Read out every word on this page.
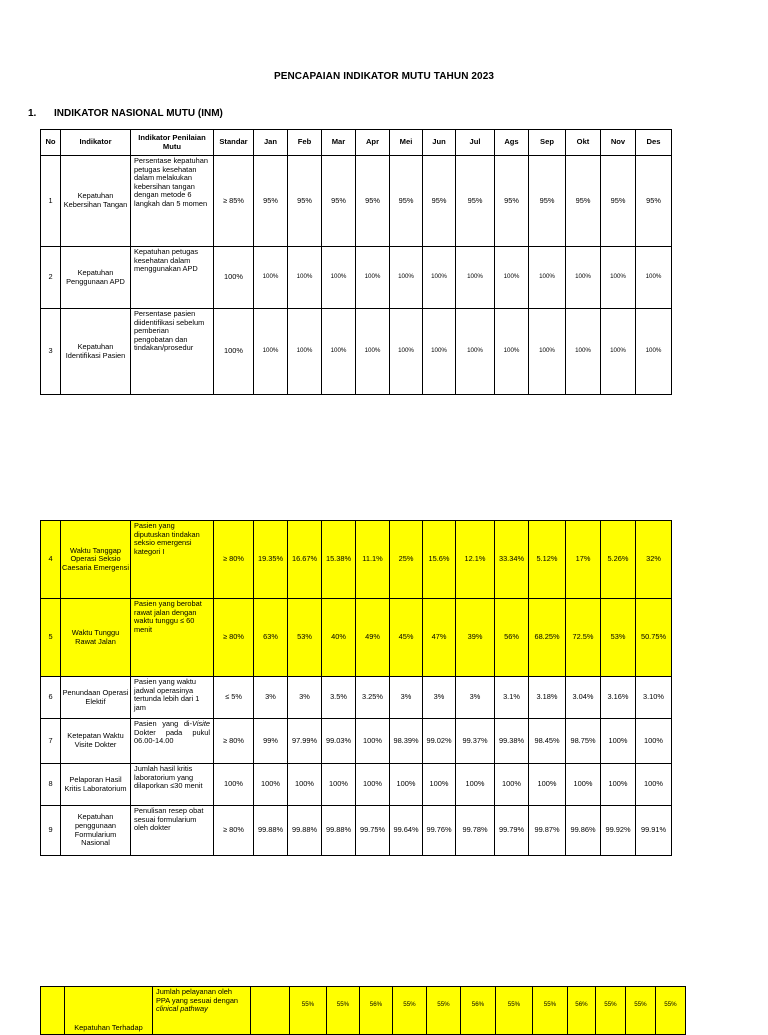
PENCAPAIAN INDIKATOR MUTU TAHUN 2023
1. INDIKATOR NASIONAL MUTU (INM)
No	Indikator	Indikator Penilaian Mutu	Standar	Jan	Feb	Mar	Apr	Mei	Jun	Jul	Ags	Sep	Okt	Nov	Des
1	Kepatuhan Kebersihan Tangan	Persentase kepatuhan petugas kesehatan dalam melakukan kebersihan tangan dengan metode 6 langkah dan 5 momen	≥ 85%	95%	95%	95%	95%	95%	95%	95%	95%	95%	95%	95%	95%
2	Kepatuhan Penggunaan APD	Kepatuhan petugas kesehatan dalam menggunakan APD	100%	100%	100%	100%	100%	100%	100%	100%	100%	100%	100%	100%	100%
3	Kepatuhan Identifikasi Pasien	Persentase pasien diidentifikasi sebelum pemberian pengobatan dan tindakan/prosedur	100%	100%	100%	100%	100%	100%	100%	100%	100%	100%	100%	100%	100%
4	Waktu Tanggap Operasi Seksio Caesaria Emergensi	Pasien yang diputuskan tindakan seksio emergensi kategori I	≥ 80%	19.35%	16.67%	15.38%	11.1%	25%	15.6%	12.1%	33.34%	5.12%	17%	5.26%	32%
5	Waktu Tunggu Rawat Jalan	Pasien yang berobat rawat jalan dengan waktu tunggu ≤ 60 menit	≥ 80%	63%	53%	40%	49%	45%	47%	39%	56%	68.25%	72.5%	53%	50.75%
6	Penundaan Operasi Elektif	Pasien yang waktu jadwal operasinya tertunda lebih dari 1 jam	≤ 5%	3%	3%	3.5%	3.25%	3%	3%	3%	3.1%	3.18%	3.04%	3.16%	3.10%
7	Ketepatan Waktu Visite Dokter	Pasien yang di-Visite Dokter pada pukul 06.00-14.00	≥ 80%	99%	97.99%	99.03%	100%	98.39%	99.02%	99.37%	99.38%	98.45%	98.75%	100%	100%
8	Pelaporan Hasil Kritis Laboratorium	Jumlah hasil kritis laboratorium yang dilaporkan ≤30 menit	100%	100%	100%	100%	100%	100%	100%	100%	100%	100%	100%	100%	100%
9	Kepatuhan penggunaan Formularium Nasional	Penulisan resep obat sesuai formularium oleh dokter	≥ 80%	99.88%	99.88%	99.88%	99.75%	99.64%	99.76%	99.78%	99.79%	99.87%	99.86%	99.92%	99.91%
	Kepatuhan Terhadap	Jumlah pelayanan oleh PPA yang sesuai dengan clinical pathway		55%	55%	56%	55%	55%	56%	55%	55%	56%	55%	55%	55%
